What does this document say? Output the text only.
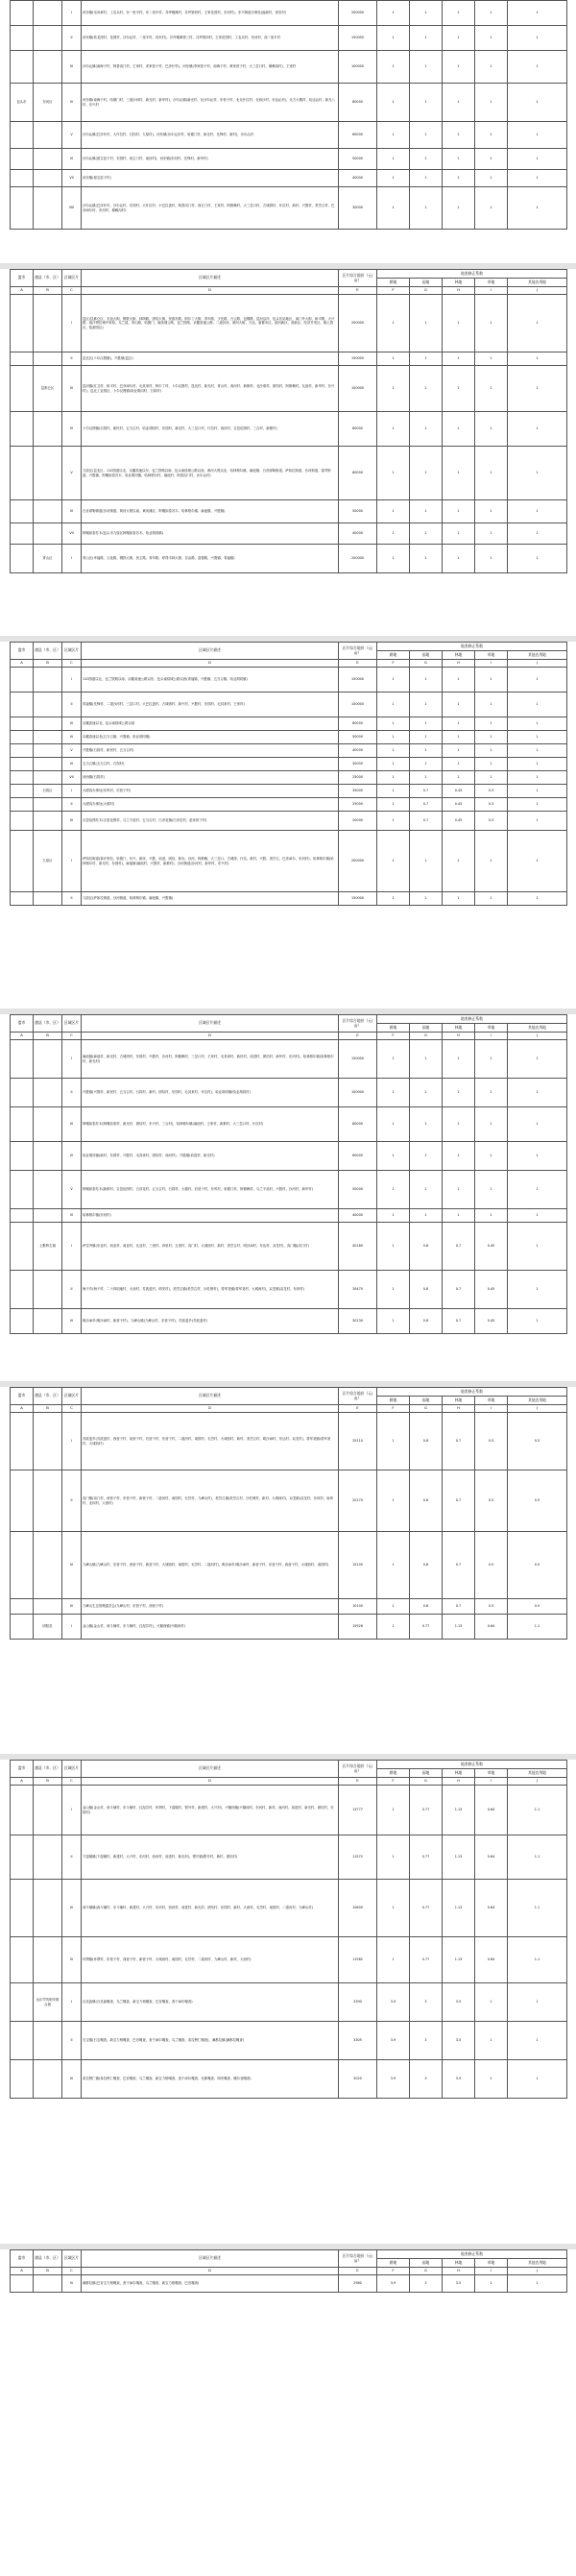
		I	河东镇(毛凤章村、工农兵村、东一里半村、东二里半村、井坪壕滩村、井坪第四村、王家花园村、东河村)，东兴街道办事处(福新村、民房村)	200000	1	1	1	1	1
		II	河东镇(转龙湾村、花园村、沙尔沁村、二里半村、河东村)，井坪壕滩第三村、井坪第四村、王家花园村、工农兵村、东河村、西二里半村	150000	1	1	1	1	1
		III	沙尔沁镇(南海子村、阿善沟门村、王家村、邓家营子村、巴彦什村)，河东镇(李家营子村、南海子村、黄家营子村、大三岔口村、壕赖沟村)，王家村	100000	1	1	1	1	1
包头市	东河区	IV	河东镇(南海子村、哈德门村、三道沙河村、新光村、新华村)，沙尔沁镇(新光村、北沙尔沁村、东营子村、北北什拉村、北西沙村、东达沁村)，北方大楼村、哈达沁村、新光八村、东兴村	80000	1	1	1	1	1
		V	沙尔沁镇(巴彦什村、大什拉村、石拐村、九原村)，河东镇(沙尔沁东村、哈德门村、新光村、先锋村、新村)，沙尔沁村	60000	1	1	1	1	1
		VI	沙尔沁镇(留宝窑子村、东园村、西五门村、南河村)，河东镇(东河村、先锋村、新华村)	50000	1	1	1	1	1
		VII	河东镇(留宝窑子村)	40000	1	1	1	1	1
		VIII	沙尔沁镇(巴彦什村、沙尔沁村、东园村、大什拉村、小巴拉盖村、阿善沟门村、西五门村、王家村、阿都赖村、大三岔口村、古城湾村、什拉村、新村、兴胜村、美岱召村、巴彦淖尔村、东河村、壕赖沟村)	30000	1	1	1	1	1
盟市	旗县（市、区）	区域区片	区域区片描述	区片综合地价（元/亩）	地类修正系数				
					耕地	园地	林地	草地	其他农用地
A	B	C	D	E	F	G	H	I	J
		I	昆区(昆都仑区、友谊大街、钢铁大街、林荫路、团结大街、民族东路、阿尔丁大街、青年路、少先路、白云路、包钢路、昆河沿岸、包头东站地区、南门外大街、和平路、大兴路、赛汗塔拉城中草原、乌兰道、青山路、哈德门、南绕城公路、包兰铁路、京藏高速公路、二道沙河、黄河大街、万达、新都市区、滨河新区、高新区、经济开发区、稀土园区、装备园区)	200000	1	1	1	1	1
		II	昆北区(卜尔汉图镇)，兴胜镇(昆区)	150000	1	1	1	1	1
	昆都仑区	III	昆河镇(红卫村、和平村、巴彦淖尔村、毛其来村、阿尔丁村、卜尔汉图村、昆北村、新光村、青山村、西河村、新都村、北沙梁村、团结村、阿都赖村、友谊村、新华村、东兴村)，昆北工业园区，卜尔汉图镇(哈业胡同村、石拐村)	100000	1	1	1	1	1
		IV	卜尔汉图镇(石拐村、新民村、五当召村、哈业胡同村、东园村、新光村、大三岔口村、什拉村、西河村、吉忽伦图村、三合村、新都村)	80000	1	1	1	1	1
		V	九原区(昆北区、110国道以北、京藏高速以东、包兰铁路以南、包头南绕城公路以西、黄河大堤以北、哈林格尔镇、麻池镇、白音席勒街道、萨如拉街道、沙河街道、赛罕街道、兴胜镇、阿嘎如泰苏木、哈业胡同镇、哈林格尔村、麻池村、阿善沟门村、沙尔沁村)	60000	1	1	1	1	1
		VI	白音席勒街道(沙河街道、黄河大堤以南、黄河滩区、阿嘎如泰苏木、哈林格尔镇、麻池镇、兴胜镇)	50000	1	1	1	1	1
		VII	阿嘎如泰苏木(包头市九原区阿嘎如泰苏木、哈业胡同镇)	40000	1	1	1	1	1
	青山区	I	青山区(幸福路、文化路、钢铁大街、民主路、青年路、呼得木林大街、自由路、富强路、兴胜镇、青福镇)	200000	1	1	1	1	1
盟市	旗县（市、区）	区域区片	区域区片描述	区片综合地价（元/亩）	地类修正系数				
					耕地	园地	林地	草地	其他农用地
A	B	C	D	E	F	G	H	I	J
		I	110国道以北、包兰铁路以南、京藏高速公路以东、包头南绕城公路以西(青福镇、兴胜镇、五当召镇、哈业胡同镇)	150000	1	1	1	1	1
		II	青福镇(先锋村、二道沙河村、三岔口村、大巴拉盖村、古城湾村、新兴村、兴胜村、东园村、毛其来村、王家村)	100000	1	1	1	1	1
		III	京藏高速以北、包头南绕城公路以南	60000	1	1	1	1	1
		IV	京藏高速以北(五当召镇、兴胜镇、哈业胡同镇)	50000	1	1	1	1	1
		V	兴胜镇(石拐村、新民村、五当召村)	40000	1	1	1	1	1
		VI	五当召镇(五当召村、石拐村)	30000	1	1	1	1	1
		VII	河西镇(石拐村)	25000	1	1	1	1	1
	石拐区	I	大磴沟办事处(东风村、后营子村)	35000	1	0.7	0.43	0.3	1
		II	大磴沟办事处(大德村)	25000	1	0.7	0.43	0.3	1
		III	吉忽伦图苏木(吉忽伦图村、乌兰不浪村、五当召村、白彦花镇(白彦花村、赵家营子村)	20000	1	0.7	0.45	0.3	1
	九原区	I	萨如拉街道(赛汗塔拉、哈德门、东兴、新民、兴胜、前进、团结、新光、沙河、阿都赖、大三岔口、古城湾、什拉、新村、兴胜、美岱召、巴彦淖尔、东河村)，哈林格尔镇(哈林格尔村、新光村、东园村)，麻池镇(麻池村、兴胜村、新都村)，沙河街道(沙河村、新华村、东兴村)	200000	1	1	1	1	1
		II	九原区(萨如拉街道、沙河街道、哈林格尔镇、麻池镇、兴胜镇)	150000	1	1	1	1	1
盟市	旗县（市、区）	区域区片	区域区片描述	区片综合地价（元/亩）	地类修正系数				
					耕地	园地	林地	草地	其他农用地
A	B	C	D	E	F	G	H	I	J
		I	麻池镇(麻池村、新光村、古城湾村、东园村、兴胜村、沙河村、阿都赖村、三岔口村、王家村、毛其来村、新民村、前进村、团结村、新华村、东河村)，哈林格尔镇(哈林格尔村、新光村)	150000	1	1	1	1	1
		II	兴胜镇(兴胜村、新民村、五当召村、石拐村、新村、团结村、东园村、毛其来村、什拉村)，哈业胡同镇(哈业胡同村)	100000	1	1	1	1	1
		III	阿嘎如泰苏木(阿嘎如泰村、新光村、团结村、东兴村、三合村)，哈林格尔镇(麻池村、王家村、新都村、大三岔口村、什拉村)	80000	1	1	1	1	1
		IV	哈业胡同镇(新村、东园村、兴胜村、毛其来村、团结村、西河村)，兴胜镇(前进村、新光村)	60000	1	1	1	1	1
		V	阿嘎如泰苏木(新都村、吉忽伦图村、白彦花村、五当召村、石拐村、大德村、后营子村、东风村、哈德门村、阿都赖村、乌兰不浪村、兴胜村、沙河村、新华村)	50000	1	1	1	1	1
		VI	哈林格尔镇(东河村)	40000	1	1	1	1	1
	土默特右旗	I	萨拉齐镇(东亚村、西亚村、南亚村、北亚村、三里村、四里村、五里村、沟门村、大城西村、新村、美岱召村、明沙淖村、东达村、双龙村)，沟门镇(沟门村)	40180	1	0.8	0.7	0.45	1
		II	海子乡(海子村、二十四顷地村、大西村、苏波盖村、明安村)，美岱召镇(美岱召村、沙圪堵村)，将军尧镇(将军尧村、大城西村)，双龙镇(双龙村、东坝村)	35470	1	0.8	0.7	0.45	1
		III	明沙淖乡(明沙淖村、新营子村)，九峰山镇(九峰山村、东营子村)，苏波盖乡(苏波盖村)	30130	1	0.8	0.7	0.45	1
盟市	旗县（市、区）	区域区片	区域区片描述	区片综合地价（元/亩）	地类修正系数				
					耕地	园地	林地	草地	其他农用地
A	B	C	D	E	F	G	H	I	J
		I	苏波盖乡(苏波盖村、西营子村、前营子村、后营子村、东营子村、二道河村、南园村、毛岱村、大城西村、新村、美岱召村、明沙淖村、东达村、双龙村)，将军尧镇(将军尧村、大城西村)	25110	1	0.8	0.7	0.5	0.5
		II	沟门镇(沟门村、西营子村、东营子村、新营子村、二道河村、南园村、毛岱村、九峰山村)，美岱召镇(美岱召村、沙圪堵村、新村、大城西村)，双龙镇(双龙村、东坝村、南坝村、北坝村、大西村)	20170	1	0.8	0.7	0.5	0.5
		III	九峰山镇(九峰山村、东营子村、西营子村、新营子村、大城西村、南园村、毛岱村、二道河村)，明沙淖乡(明沙淖村、新营子村、东营子村、西营子村、大城西村、南园村)	15100	1	0.8	0.7	0.5	0.5
		IV	九峰山生态管理委员会(九峰山村、东营子村、西营子村)	10100	1	0.8	0.7	0.5	0.5
	固阳县	I	金山镇(金山村、西斗铺村、东斗铺村、红泥井村)，兴顺西镇(兴顺西村)	15926	1	0.77	1.13	0.64	1.1
盟市	旗县（市、区）	区域区片	区域区片描述	区片综合地价（元/亩）	地类修正系数				
					耕地	园地	林地	草地	其他农用地
A	B	C	D	E	F	G	H	I	J
		I	金山镇(金山村、西斗铺村、东斗铺村、红泥井村、怀朔村、下湿壕村、银号村、新建村、大兴村)，兴顺西镇(兴顺西村、东河村、新村、西河村、前进村、新光村、团结村、东园村)	13777	1	0.77	1.13	0.64	1.1
		II	下湿壕镇(下湿壕村、新建村、大兴村、东河村、西河村、前进村、新光村)，银号镇(银号村、新村、团结村)	11572	1	0.77	1.13	0.64	1.1
		III	西斗铺镇(西斗铺村、东斗铺村、新建村、大兴村、东河村、西河村、前进村、新光村、团结村、东园村、新村、大西村、毛岱村、南园村、二道河村、九峰山村)	10600	1	0.77	1.13	0.64	1.1
		IV	怀朔镇(怀朔村、东营子村、西营子村、新营子村、大城西村、南园村、毛岱村、二道河村、九峰山村、新村、大西村)	11582	1	0.77	1.13	0.64	1.1
	达尔罕茂明安联合旗	I	百灵庙镇(百灵庙嘎查、乌兰嘎查、新宝力格嘎查、巴音嘎查、查干淖尔嘎查)	3390	3.9	3	3.5	1	1
		II	石宝镇(石宝嘎查、新宝力格嘎查、巴音嘎查、查干淖尔嘎查、乌兰嘎查、希拉穆仁嘎查)，满都拉镇(满都拉嘎查)	3305	3.9	3	3.5	1	1
		III	希拉穆仁镇(希拉穆仁嘎查、巴音嘎查、乌兰嘎查、新宝力格嘎查、查干淖尔嘎查、毛都嘎查、明安嘎查、额尔登嘎查)	3020	3.9	3	3.5	1	1
盟市	旗县（市、区）	区域区片	区域区片描述	区片综合地价（元/亩）	地类修正系数				
					耕地	园地	林地	草地	其他农用地
A	B	C	D	E	F	G	H	I	J
		IV	满都拉镇(巴音宝力格嘎查、查干淖尔嘎查、乌兰嘎查、新宝力格嘎查、巴音嘎查)	2980	3.9	3	3.5	1	1
